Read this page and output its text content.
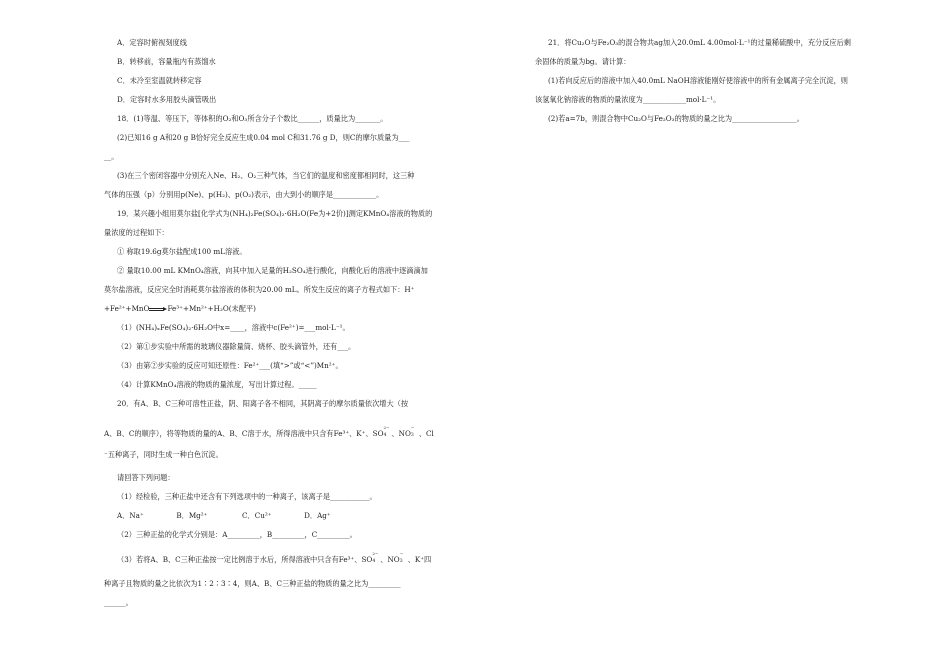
A．定容时俯视刻度线
B．转移前，容量瓶内有蒸馏水
C．未冷至室温就转移定容
D．定容时水多用胶头滴管吸出
18．(1)等温、等压下，等体积的O₂和O₃所含分子个数比______，质量比为_______。
(2)已知16 g A和20 g B恰好完全反应生成0.04 mol C和31.76 g D，则C的摩尔质量为___
__。
(3)在三个密闭容器中分别充入Ne、H₂、O₂三种气体，当它们的温度和密度都相同时，这三种
气体的压强（p）分别用p(Ne)、p(H₂)、p(O₂)表示，由大到小的顺序是____________。
19．某兴趣小组用莫尔盐[化学式为(NH₄)₂Fe(SO₄)₂·6H₂O(Fe为+2价)]测定KMnO₄溶液的物质的
量浓度的过程如下：
① 称取19.6g莫尔盐配成100 mL溶液。
② 量取10.00 mL KMnO₄溶液，向其中加入足量的H₂SO₄进行酸化，向酸化后的溶液中逐滴滴加
莫尔盐溶液，反应完全时消耗莫尔盐溶液的体积为20.00 mL。所发生反应的离子方程式如下：H⁺
+Fe²⁺+MnO	Fe³⁺+Mn²⁺+H₂O(未配平)
（1）(NH₄)ₓFe(SO₄)₂·6H₂O中x=____，溶液中c(Fe²⁺)=___mol·L⁻¹。
（2）第①步实验中所需的玻璃仪器除量筒、烧杯、胶头滴管外，还有___。
（3）由第②步实验的反应可知还原性：Fe²⁺___(填“>”或“<”)Mn²⁺。
（4）计算KMnO₄溶液的物质的量浓度，写出计算过程。_____
20．有A、B、C三种可溶性正盐，阴、阳离子各不相同，其阴离子的摩尔质量依次增大（按
A、B、C的顺序），将等物质的量的A、B、C溶于水，所得溶液中只含有Fe³⁺、K⁺、SO
2−
4 、NO
−
3 、Cl
⁻五种离子，同时生成一种白色沉淀。
请回答下列问题：
（1）经检验，三种正盐中还含有下列选项中的一种离子，该离子是___________。
A．Na⁺	B．Mg²⁺	C．Cu²⁺	D．Ag⁺
（2）三种正盐的化学式分别是：A_________，B_________，C_________。
（3）若将A、B、C三种正盐按一定比例溶于水后，所得溶液中只含有Fe³⁺、SO
2−
4 、NO
−
3 、K⁺四
种离子且物质的量之比依次为1∶2∶3∶4，则A、B、C三种正盐的物质的量之比为_________
______。
21．将Cu₂O与Fe₂O₃的混合物共ag加入20.0mL 4.00mol·L⁻¹的过量稀硫酸中，充分反应后剩
余固体的质量为bg。请计算：
(1)若向反应后的溶液中加入40.0mL NaOH溶液能刚好使溶液中的所有金属离子完全沉淀，则
该氢氧化钠溶液的物质的量浓度为____________mol·L⁻¹。
(2)若a=7b，则混合物中Cu₂O与Fe₂O₃的物质的量之比为__________________。
